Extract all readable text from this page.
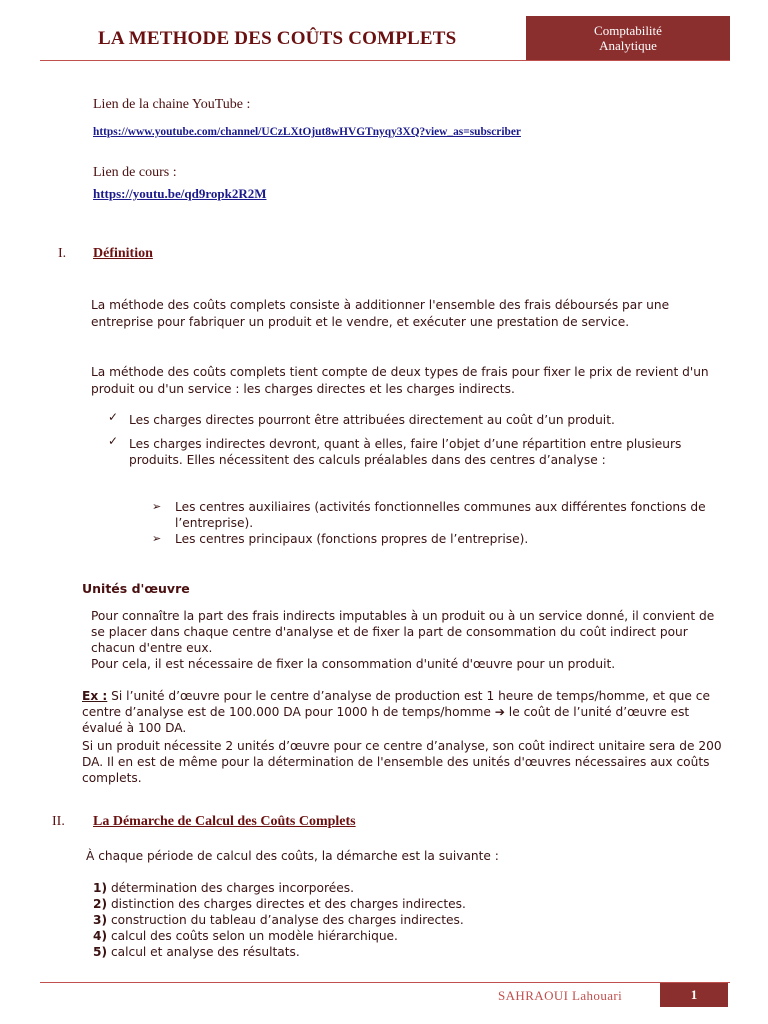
LA METHODE DES COÛTS COMPLETS	Comptabilité
Analytique
Lien de la chaine YouTube :
https://www.youtube.com/channel/UCzLXtOjut8wHVGTnyqy3XQ?view_as=subscriber
Lien de cours :
https://youtu.be/qd9ropk2R2M
I. Définition
La méthode des coûts complets consiste à additionner l'ensemble des frais déboursés par une entreprise pour fabriquer un produit et le vendre, et exécuter une prestation de service.
La méthode des coûts complets tient compte de deux types de frais pour fixer le prix de revient d'un produit ou d'un service : les charges directes et les charges indirects.
✓ Les charges directes pourront être attribuées directement au coût d’un produit.
✓ Les charges indirectes devront, quant à elles, faire l’objet d’une répartition entre plusieurs produits. Elles nécessitent des calculs préalables dans des centres d’analyse :
➢ Les centres auxiliaires (activités fonctionnelles communes aux différentes fonctions de l’entreprise).
➢ Les centres principaux (fonctions propres de l’entreprise).
Unités d'œuvre
Pour connaître la part des frais indirects imputables à un produit ou à un service donné, il convient de se placer dans chaque centre d'analyse et de fixer la part de consommation du coût indirect pour chacun d'entre eux.
Pour cela, il est nécessaire de fixer la consommation d'unité d'œuvre pour un produit.
Ex : Si l’unité d’œuvre pour le centre d’analyse de production est 1 heure de temps/homme, et que ce centre d’analyse est de 100.000 DA pour 1000 h de temps/homme ➔ le coût de l’unité d’œuvre est évalué à 100 DA.
Si un produit nécessite 2 unités d’œuvre pour ce centre d’analyse, son coût indirect unitaire sera de 200 DA. Il en est de même pour la détermination de l'ensemble des unités d'œuvres nécessaires aux coûts complets.
II. La Démarche de Calcul des Coûts Complets
À chaque période de calcul des coûts, la démarche est la suivante :
1) détermination des charges incorporées.
2) distinction des charges directes et des charges indirectes.
3) construction du tableau d’analyse des charges indirectes.
4) calcul des coûts selon un modèle hiérarchique.
5) calcul et analyse des résultats.
SAHRAOUI Lahouari	1
